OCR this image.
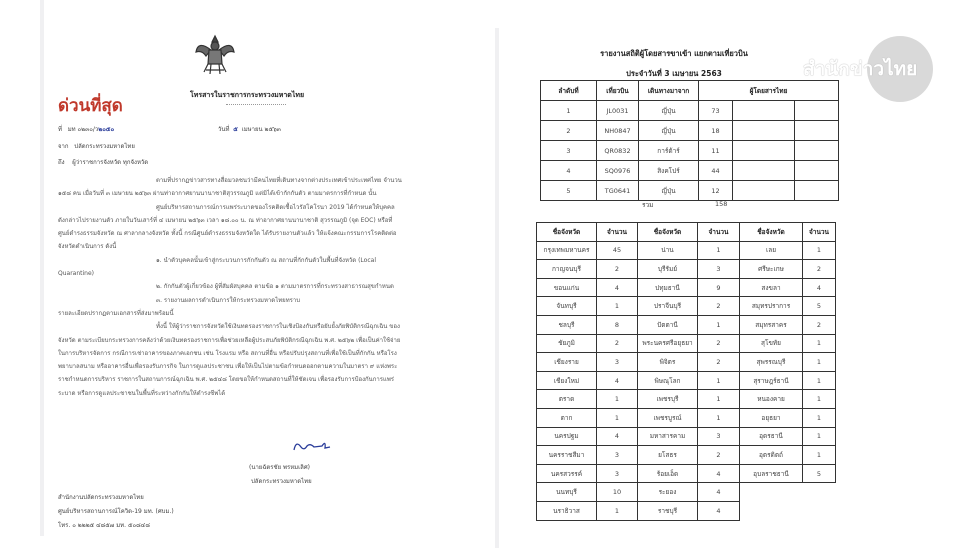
โทรสารในราชการกระทรวงมหาดไทย
ด่วนที่สุด
ที่ มท ๐๒๓๐/ว๒๐๕๐	วันที่ ๕ เมษายน ๒๕๖๓
จาก ปลัดกระทรวงมหาดไทย
ถึง ผู้ว่าราชการจังหวัด ทุกจังหวัด
ตามที่ปรากฏข่าวสารทางสื่อมวลชนว่ามีคนไทยที่เดินทางจากต่างประเทศเข้าประเทศไทย จำนวน ๑๕๘ คน เมื่อวันที่ ๓ เมษายน ๒๕๖๓ ผ่านท่าอากาศยานนานาชาติสุวรรณภูมิ แต่มิได้เข้ากักกันตัว ตามมาตรการที่กำหนด นั้น
ศูนย์บริหารสถานการณ์การแพร่ระบาดของโรคติดเชื้อไวรัสโคโรนา 2019 ได้กำหนดให้บุคคล ดังกล่าวไปรายงานตัว ภายในวันเสาร์ที่ ๔ เมษายน ๒๕๖๓ เวลา ๑๘.๐๐ น. ณ ท่าอากาศยานนานาชาติ สุวรรณภูมิ (จุด EOC) หรือที่ศูนย์ดำรงธรรมจังหวัด ณ ศาลากลางจังหวัด ทั้งนี้ กรณีศูนย์ดำรงธรรมจังหวัดใด ได้รับรายงานตัวแล้ว ให้แจ้งคณะกรรมการโรคติดต่อจังหวัดดำเนินการ ดังนี้
๑. นำตัวบุคคลนั้นเข้าสู่กระบวนการกักกันตัว ณ สถานที่กักกันตัวในพื้นที่จังหวัด (Local Quarantine)
๒. กักกันตัวผู้เกี่ยวข้อง ผู้ที่สัมผัสบุคคล ตามข้อ ๑ ตามมาตรการที่กระทรวงสาธารณสุขกำหนด
๓. รายงานผลการดำเนินการให้กระทรวงมหาดไทยทราบ
รายละเอียดปรากฏตามเอกสารที่ส่งมาพร้อมนี้
ทั้งนี้ ให้ผู้ว่าราชการจังหวัดใช้เงินทดรองราชการในเชิงป้องกันหรือยับยั้งภัยพิบัติกรณีฉุกเฉิน ของจังหวัด ตามระเบียบกระทรวงการคลังว่าด้วยเงินทดรองราชการเพื่อช่วยเหลือผู้ประสบภัยพิบัติกรณีฉุกเฉิน พ.ศ. ๒๕๖๒ เพื่อเป็นค่าใช้จ่ายในการบริหารจัดการ กรณีการเช่าอาคารของภาคเอกชน เช่น โรงแรม หรือ สถานที่อื่น หรือปรับปรุงสถานที่เพื่อใช้เป็นที่กักกัน หรือโรงพยาบาลสนาม หรืออาคารอื่นเพื่อรองรับภารกิจ ในการดูแลประชาชน เพื่อให้เป็นไปตามข้อกำหนดออกตามความในมาตรา ๙ แห่งพระราชกำหนดการบริหาร ราชการในสถานการณ์ฉุกเฉิน พ.ศ. ๒๕๔๘ โดยขอให้กำหนดสถานที่ให้ชัดเจน เพื่อรองรับการป้องกันการแพร่ระบาด หรือการดูแลประชาชนในพื้นที่ระหว่างกักกันให้ดำรงชีพได้
(นายฉัตรชัย พรหมเลิศ)
ปลัดกระทรวงมหาดไทย
สำนักงานปลัดกระทรวงมหาดไทย
ศูนย์บริหารสถานการณ์โควิด-19 มท. (ศบม.)
โทร. ๐ ๒๒๒๕ ๔๘๕๗ มท. ๕๐๘๔๘
รายงานสถิติผู้โดยสารขาเข้า แยกตามเที่ยวบิน
ประจำวันที่ 3 เมษายน 2563
ลำดับที่	เที่ยวบิน	เดินทางมาจาก	ผู้โดยสารไทย		
1	JL0031	ญี่ปุ่น	73		
2	NH0847	ญี่ปุ่น	18		
3	QR0832	การ์ต้าร์	11		
4	SQ0976	สิงคโปร์	44		
5	TG0641	ญี่ปุ่น	12		
รวม	158
ชื่อจังหวัด	จำนวน	ชื่อจังหวัด	จำนวน	ชื่อจังหวัด	จำนวน
กรุงเทพมหานคร	45	น่าน	1	เลย	1
กาญจนบุรี	2	บุรีรัมย์	3	ศรีษะเกษ	2
ขอนแก่น	4	ปทุมธานี	9	สงขลา	4
จันทบุรี	1	ปราจีนบุรี	2	สมุทรปราการ	5
ชลบุรี	8	ปัตตานี	1	สมุทรสาคร	2
ชัยภูมิ	2	พระนครศรีอยุธยา	2	สุโขทัย	1
เชียงราย	3	พิจิตร	2	สุพรรณบุรี	1
เชียงใหม่	4	พิษณุโลก	1	สุราษฎร์ธานี	1
ตราด	1	เพชรบุรี	1	หนองคาย	1
ตาก	1	เพชรบูรณ์	1	อยุธยา	1
นครปฐม	4	มหาสารคาม	3	อุดรธานี	1
นครราชสีมา	3	ยโสธร	2	อุตรดิตถ์	1
นครสวรรค์	3	ร้อยเอ็ด	4	อุบลราชธานี	5
นนทบุรี	10	ระยอง	4		
นราธิวาส	1	ราชบุรี	4		
สำนักข่าวไทย
